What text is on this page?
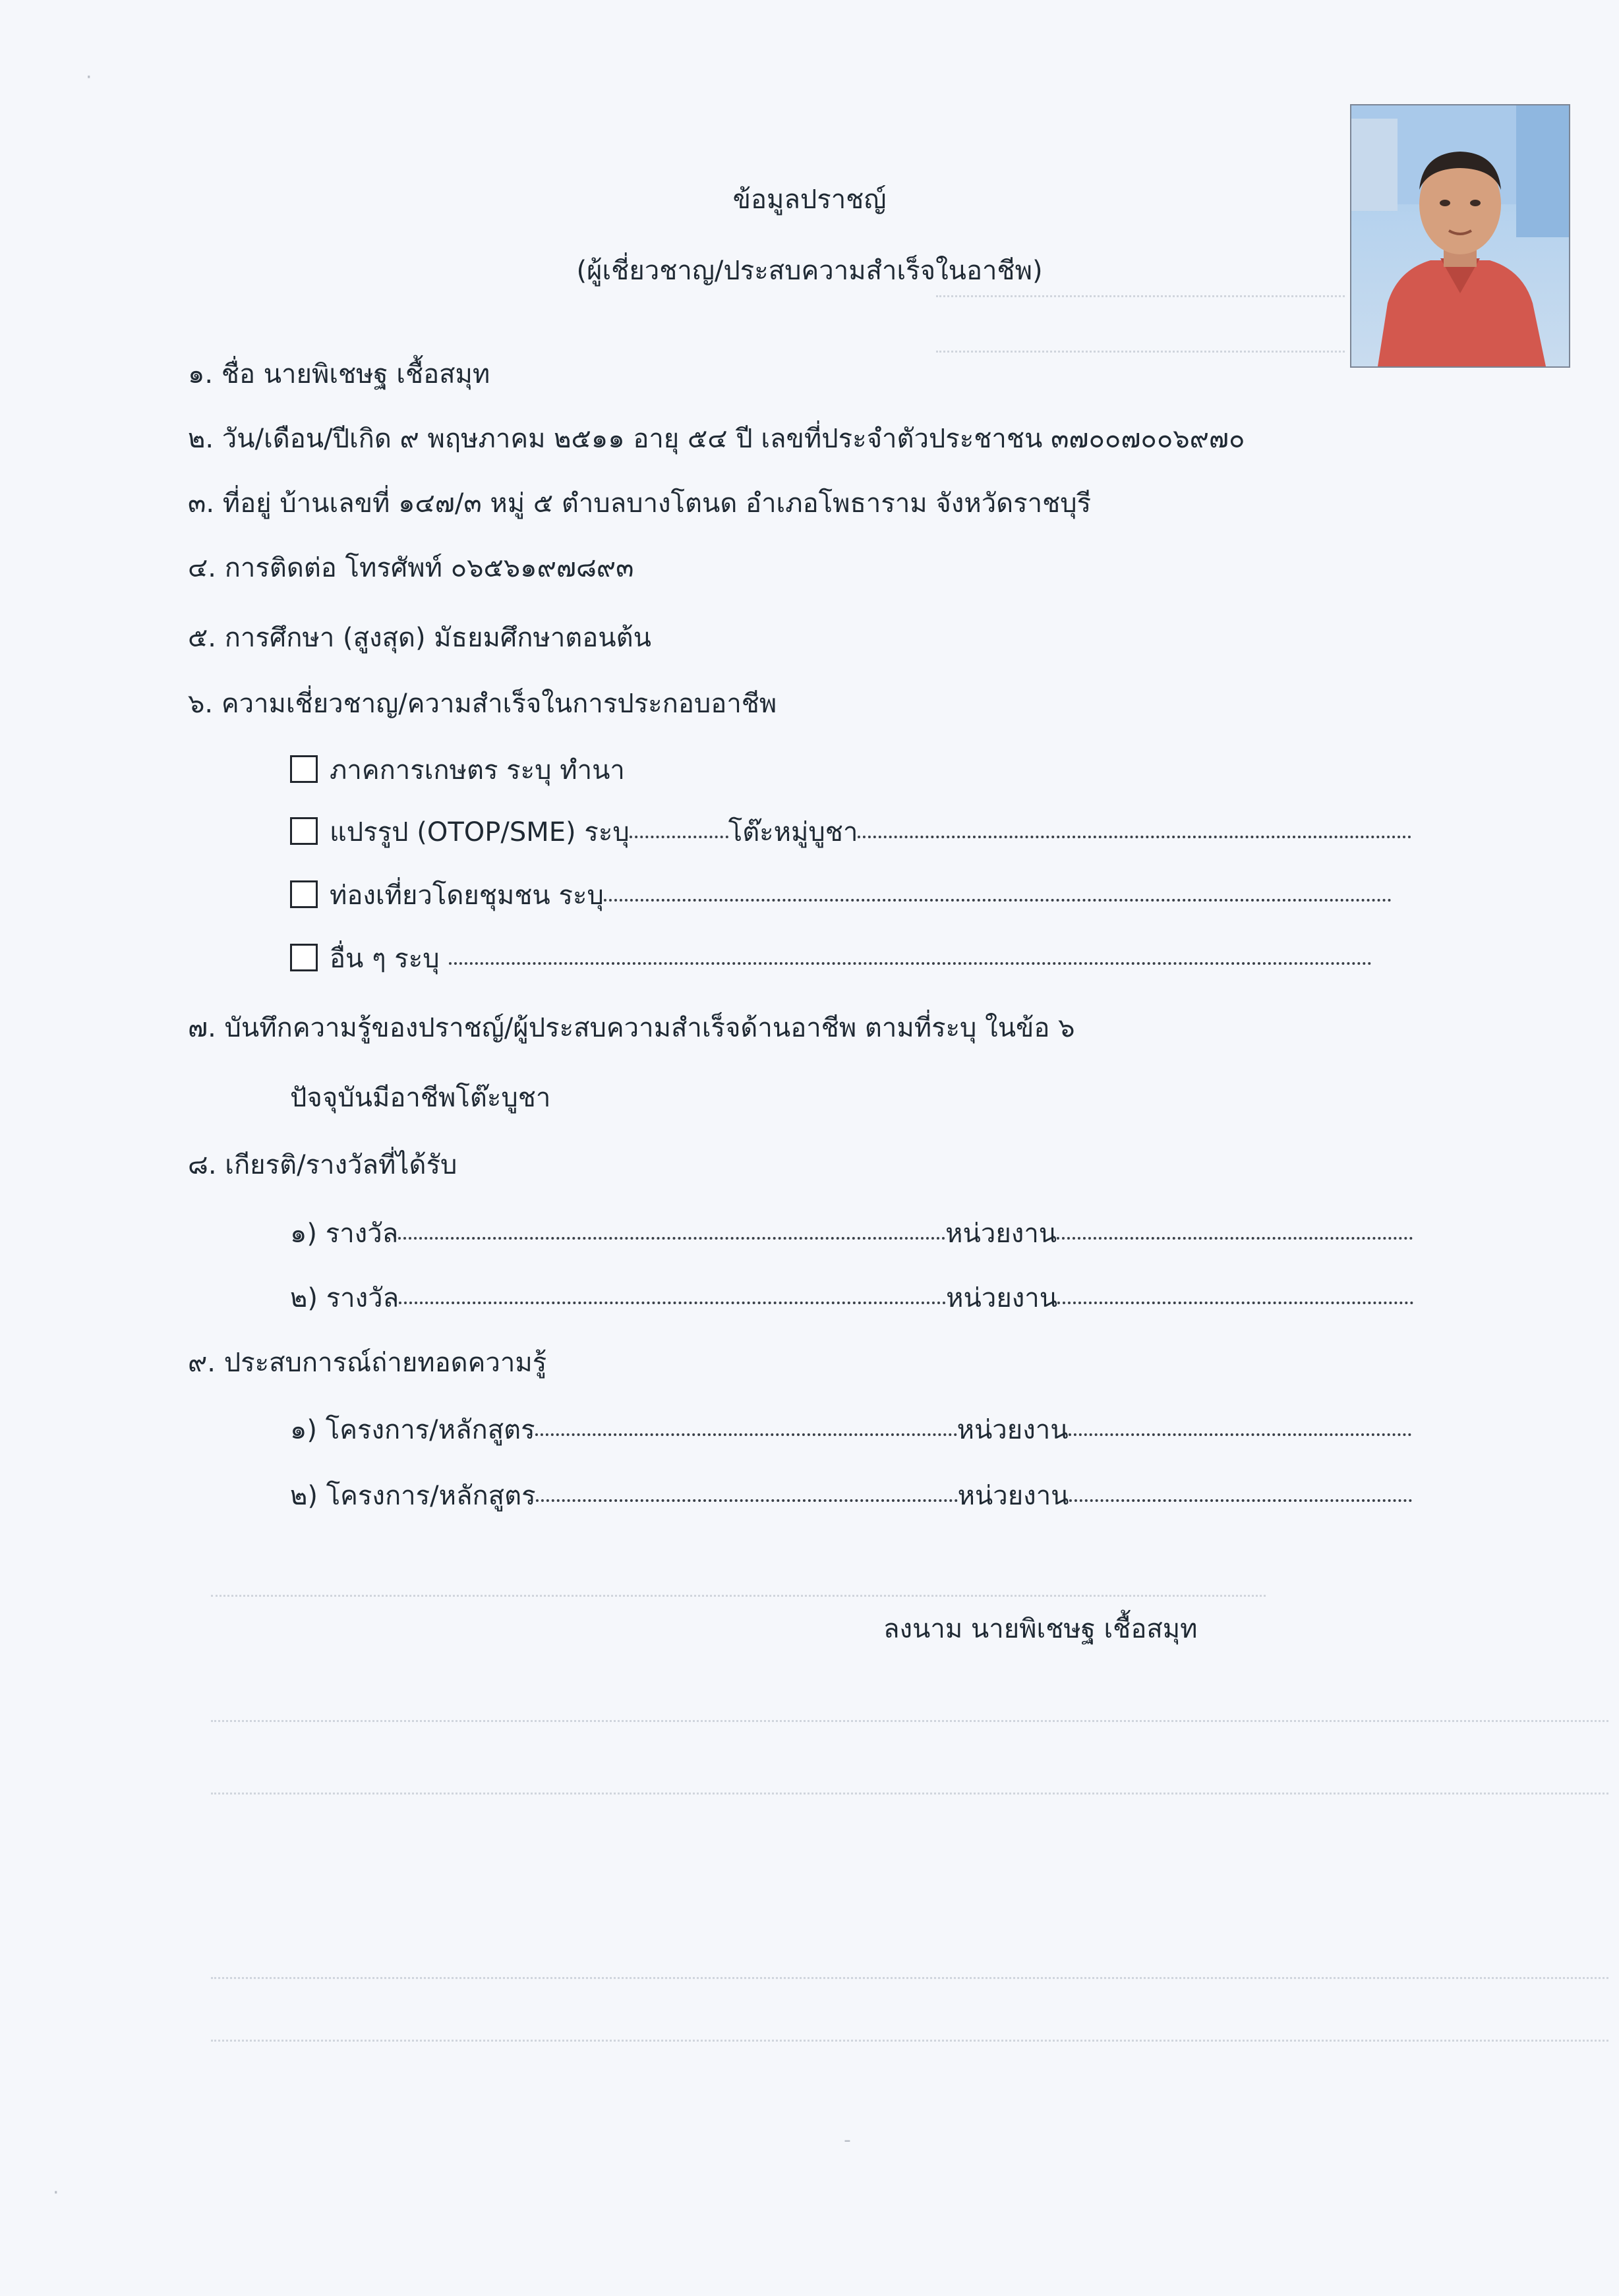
ข้อมูลปราชญ์
(ผู้เชี่ยวชาญ/ประสบความสำเร็จในอาชีพ)
๑. ชื่อ นายพิเชษฐ เชื้อสมุท
๒. วัน/เดือน/ปีเกิด ๙ พฤษภาคม ๒๕๑๑ อายุ ๕๔ ปี เลขที่ประจำตัวประชาชน ๓๗๐๐๗๐๐๖๙๗๐
๓. ที่อยู่ บ้านเลขที่ ๑๔๗/๓ หมู่ ๕ ตำบลบางโตนด อำเภอโพธาราม จังหวัดราชบุรี
๔. การติดต่อ โทรศัพท์ ๐๖๕๖๑๙๗๘๙๓
๕. การศึกษา (สูงสุด) มัธยมศึกษาตอนต้น
๖. ความเชี่ยวชาญ/ความสำเร็จในการประกอบอาชีพ
ภาคการเกษตร ระบุ ทำนา
แปรรูป (OTOP/SME) ระบุ	โต๊ะหมู่บูชา
ท่องเที่ยวโดยชุมชน ระบุ
อื่น ๆ ระบุ
๗. บันทึกความรู้ของปราชญ์/ผู้ประสบความสำเร็จด้านอาชีพ ตามที่ระบุ ในข้อ ๖
ปัจจุบันมีอาชีพโต๊ะบูชา
๘. เกียรติ/รางวัลที่ได้รับ
๑) รางวัล	หน่วยงาน
๒) รางวัล	หน่วยงาน
๙. ประสบการณ์ถ่ายทอดความรู้
๑) โครงการ/หลักสูตร	หน่วยงาน
๒) โครงการ/หลักสูตร	หน่วยงาน
ลงนาม นายพิเชษฐ เชื้อสมุท
·
·
-
